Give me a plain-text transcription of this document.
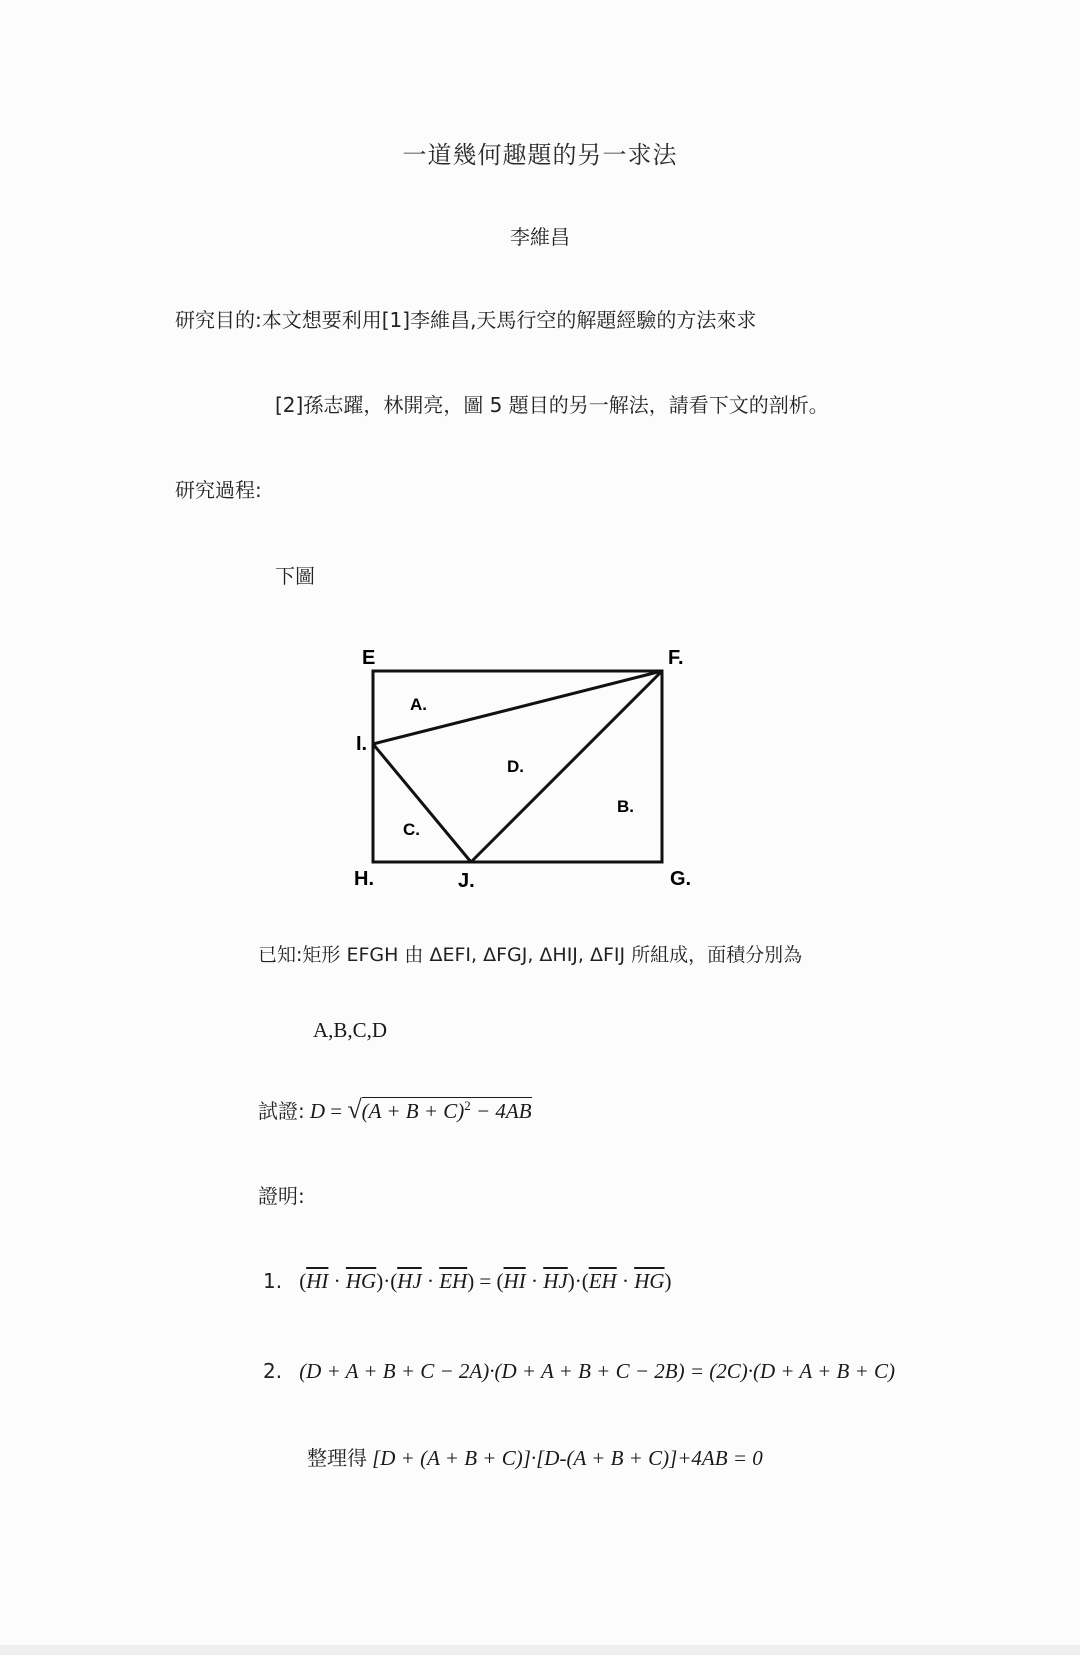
一道幾何趣題的另一求法
李維昌
研究目的:本文想要利用[1]李維昌,天馬行空的解題經驗的方法來求
[2]孫志躍，林開亮，圖 5 題目的另一解法，請看下文的剖析。
研究過程:
下圖
E	F.
I.
H.	J.	G.
A.
D.
B.
C.
已知:矩形 EFGH 由 ΔEFI, ΔFGJ, ΔHIJ, ΔFIJ 所組成，面積分別為
A,B,C,D
試證: $D = √(A + B + C)^2 - 4AB$
證明:
1. $(\overline{HI} \cdot \overline{HG})\cdot(\overline{HJ} \cdot \overline{EH}) = (\overline{HI} \cdot \overline{HJ})\cdot(\overline{EH} \cdot \overline{HG})$
2. (D + A + B + C − 2A)·(D + A + B + C − 2B) = (2C)·(D + A + B + C)
整理得 [D + (A + B + C)]·[D-(A + B + C)]+4AB = 0
